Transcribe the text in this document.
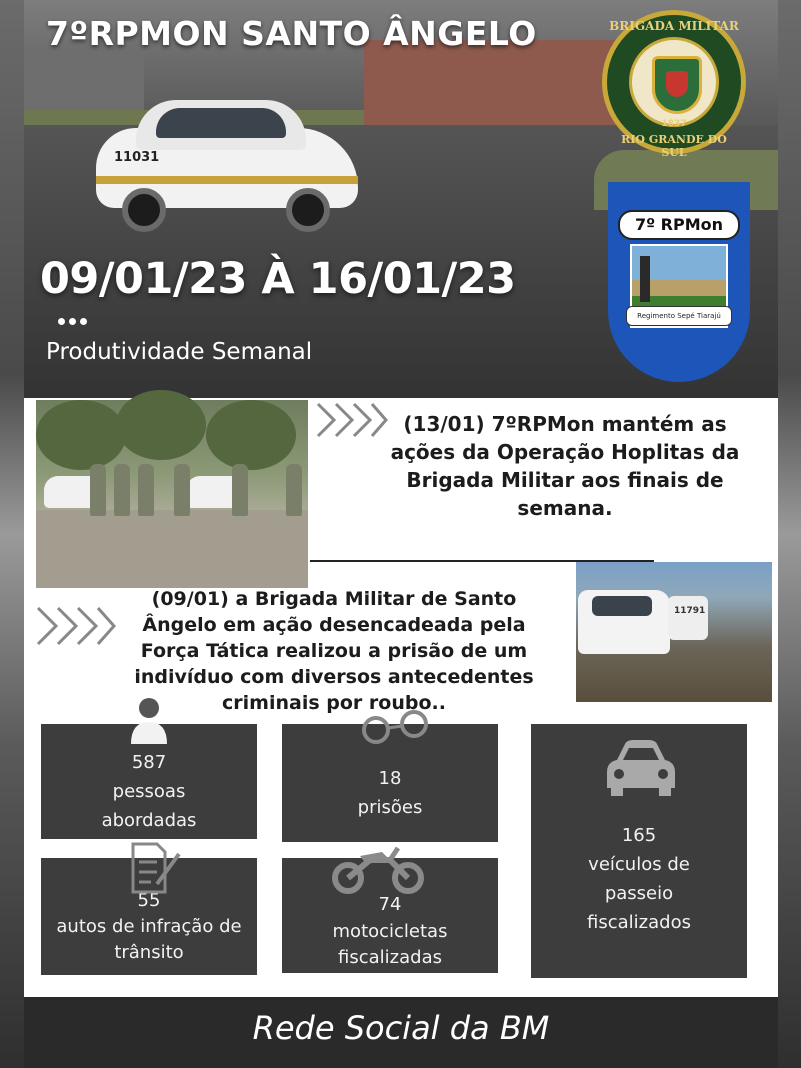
11031
7ºRPMON SANTO ÂNGELO
09/01/23 À 16/01/23
Produtividade Semanal
BRIGADA MILITAR
1837
RIO GRANDE DO SUL
7º RPMon
Regimento Sepé Tiarajú
(13/01) 7ºRPMon mantém as ações da Operação Hoplitas da Brigada Militar aos finais de semana.
(09/01) a Brigada Militar de Santo Ângelo em ação desencadeada pela Força Tática realizou a prisão de um indivíduo com diversos antecedentes criminais por roubo..
11791
587
pessoas abordadas
18
prisões
165
veículos de passeio fiscalizados
55
autos de infração de trânsito
74
motocicletas fiscalizadas
Rede Social da BM
